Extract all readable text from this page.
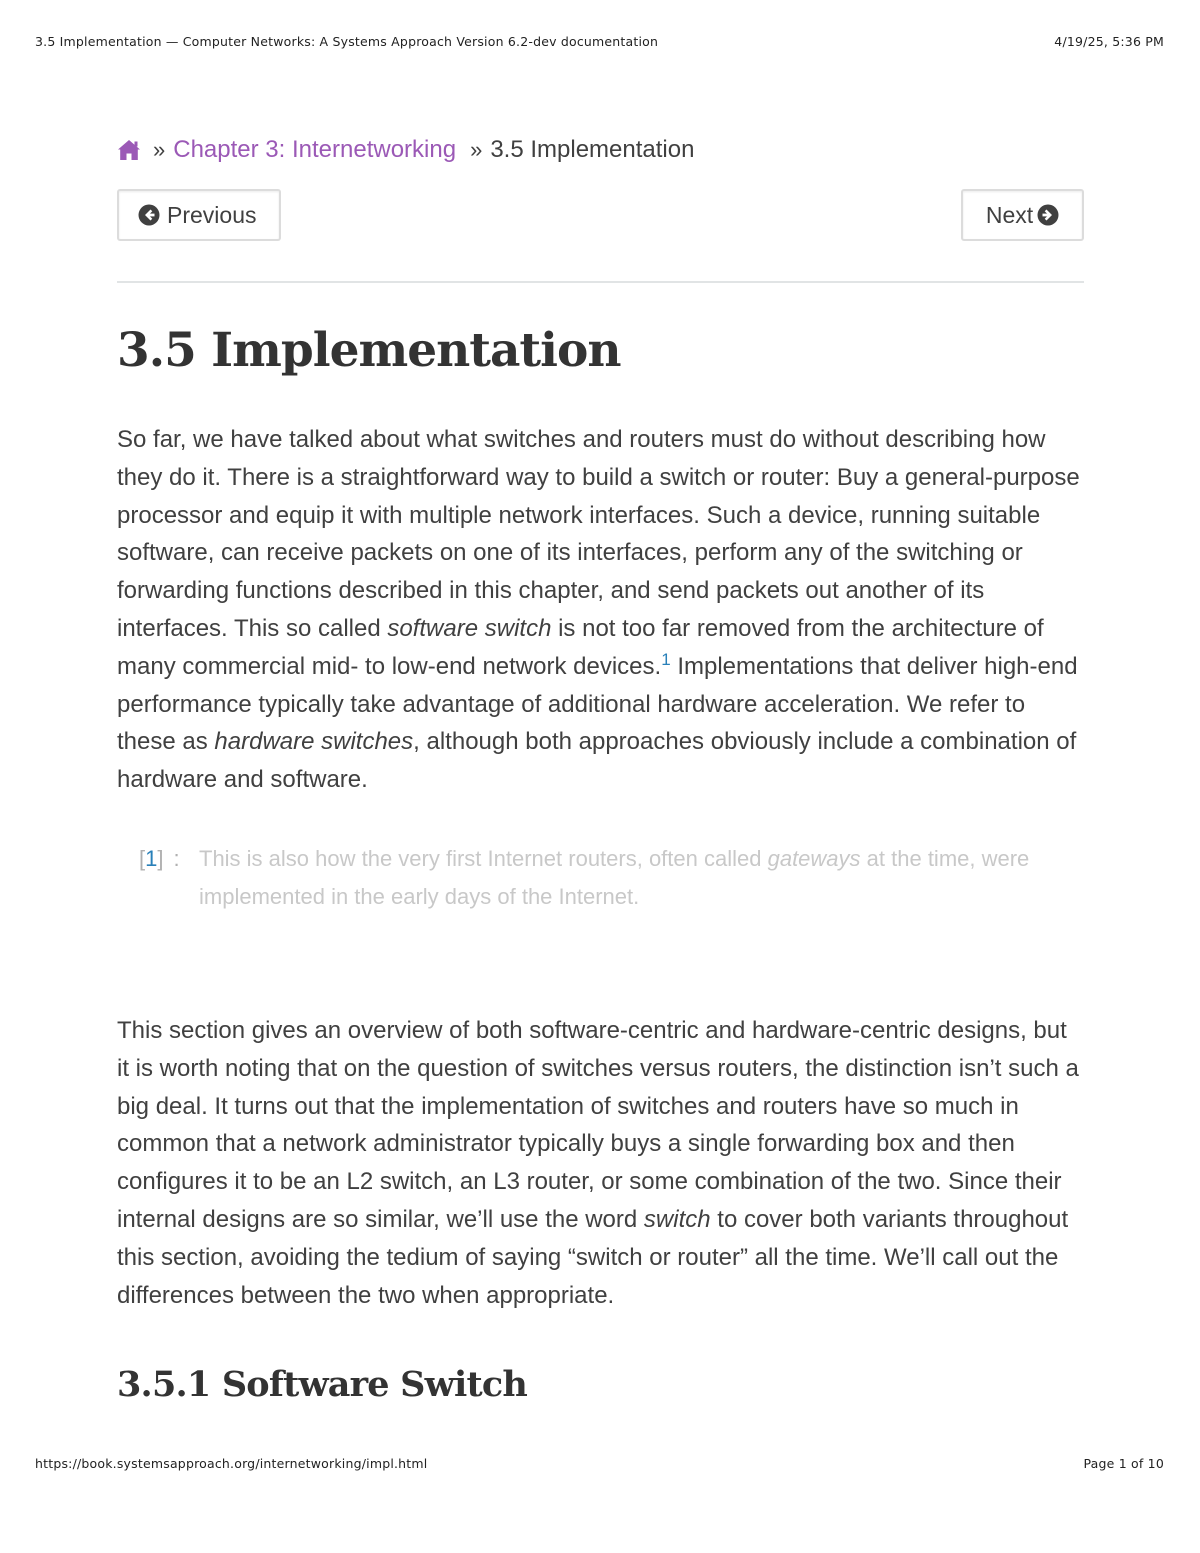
3.5 Implementation — Computer Networks: A Systems Approach Version 6.2-dev documentation	4/19/25, 5:36 PM
» Chapter 3: Internetworking » 3.5 Implementation
Previous	Next
3.5 Implementation

So far, we have talked about what switches and routers must do without describing how they do it. There is a straightforward way to build a switch or router: Buy a general-purpose processor and equip it with multiple network interfaces. Such a device, running suitable software, can receive packets on one of its interfaces, perform any of the switching or forwarding functions described in this chapter, and send packets out another of its interfaces. This so called software switch is not too far removed from the architecture of many commercial mid- to low-end network devices.$^1$ Implementations that deliver high-end performance typically take advantage of additional hardware acceleration. We refer to these as hardware switches, although both approaches obviously include a combination of hardware and software.

[1] : This is also how the very first Internet routers, often called gateways at the time, were implemented in the early days of the Internet.

This section gives an overview of both software-centric and hardware-centric designs, but it is worth noting that on the question of switches versus routers, the distinction isn’t such a big deal. It turns out that the implementation of switches and routers have so much in common that a network administrator typically buys a single forwarding box and then configures it to be an L2 switch, an L3 router, or some combination of the two. Since their internal designs are so similar, we’ll use the word switch to cover both variants throughout this section, avoiding the tedium of saying “switch or router” all the time. We’ll call out the differences between the two when appropriate.

3.5.1 Software Switch
https://book.systemsapproach.org/internetworking/impl.html	Page 1 of 10
